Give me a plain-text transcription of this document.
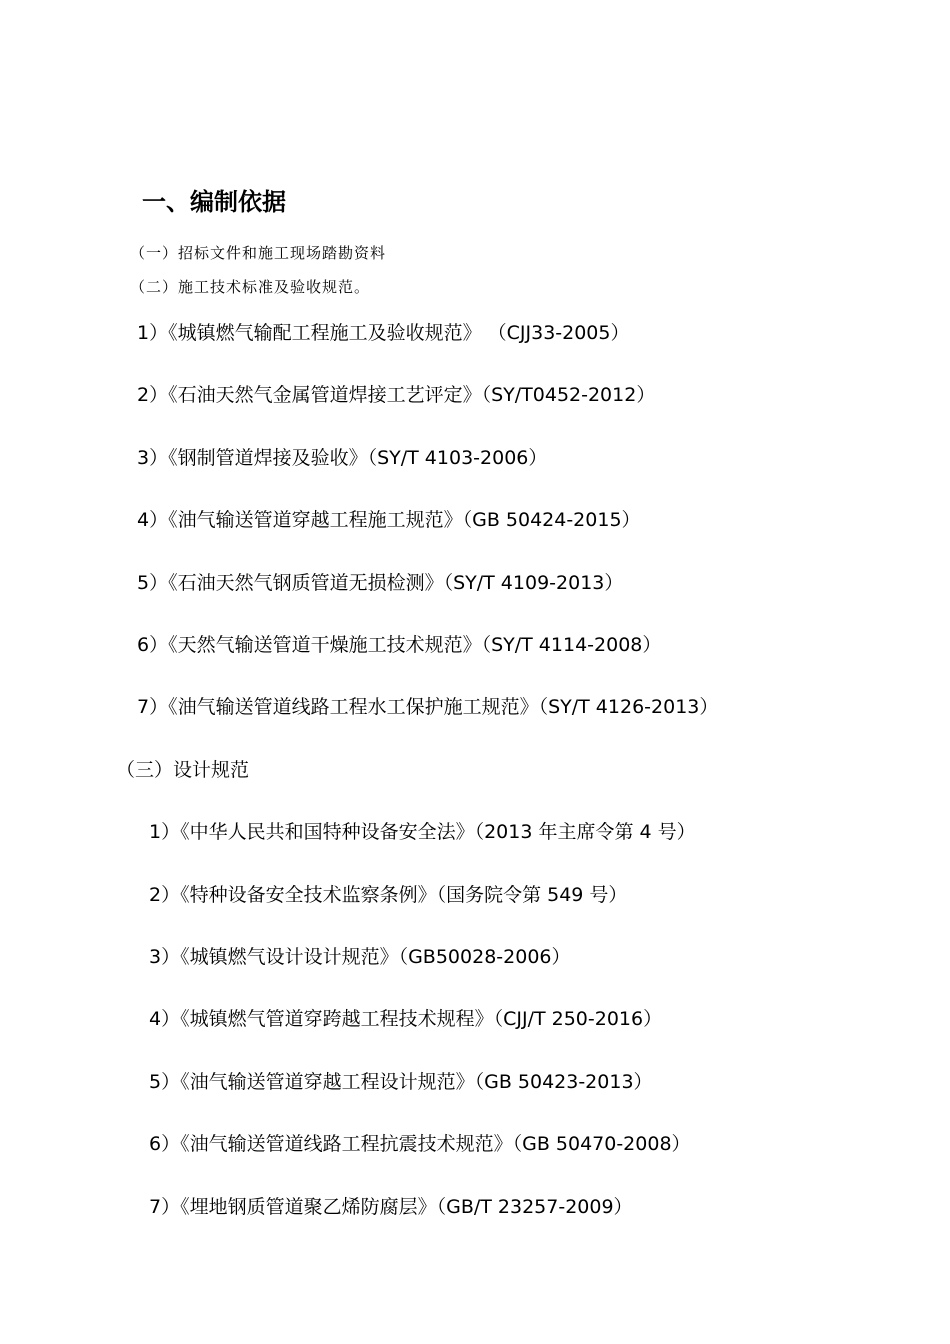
一、编制依据
（一）招标文件和施工现场踏勘资料
（二）施工技术标准及验收规范。
1）《城镇燃气输配工程施工及验收规范》 （CJJ33-2005）
2）《石油天然气金属管道焊接工艺评定》（SY/T0452-2012）
3）《钢制管道焊接及验收》（SY/T 4103-2006）
4）《油气输送管道穿越工程施工规范》（GB 50424-2015）
5）《石油天然气钢质管道无损检测》（SY/T 4109-2013）
6）《天然气输送管道干燥施工技术规范》（SY/T 4114-2008）
7）《油气输送管道线路工程水工保护施工规范》（SY/T 4126-2013）
（三）设计规范
1）《中华人民共和国特种设备安全法》（2013 年主席令第 4 号）
2）《特种设备安全技术监察条例》（国务院令第 549 号）
3）《城镇燃气设计设计规范》（GB50028-2006）
4）《城镇燃气管道穿跨越工程技术规程》（CJJ/T 250-2016）
5）《油气输送管道穿越工程设计规范》（GB 50423-2013）
6）《油气输送管道线路工程抗震技术规范》（GB 50470-2008）
7）《埋地钢质管道聚乙烯防腐层》（GB/T 23257-2009）
